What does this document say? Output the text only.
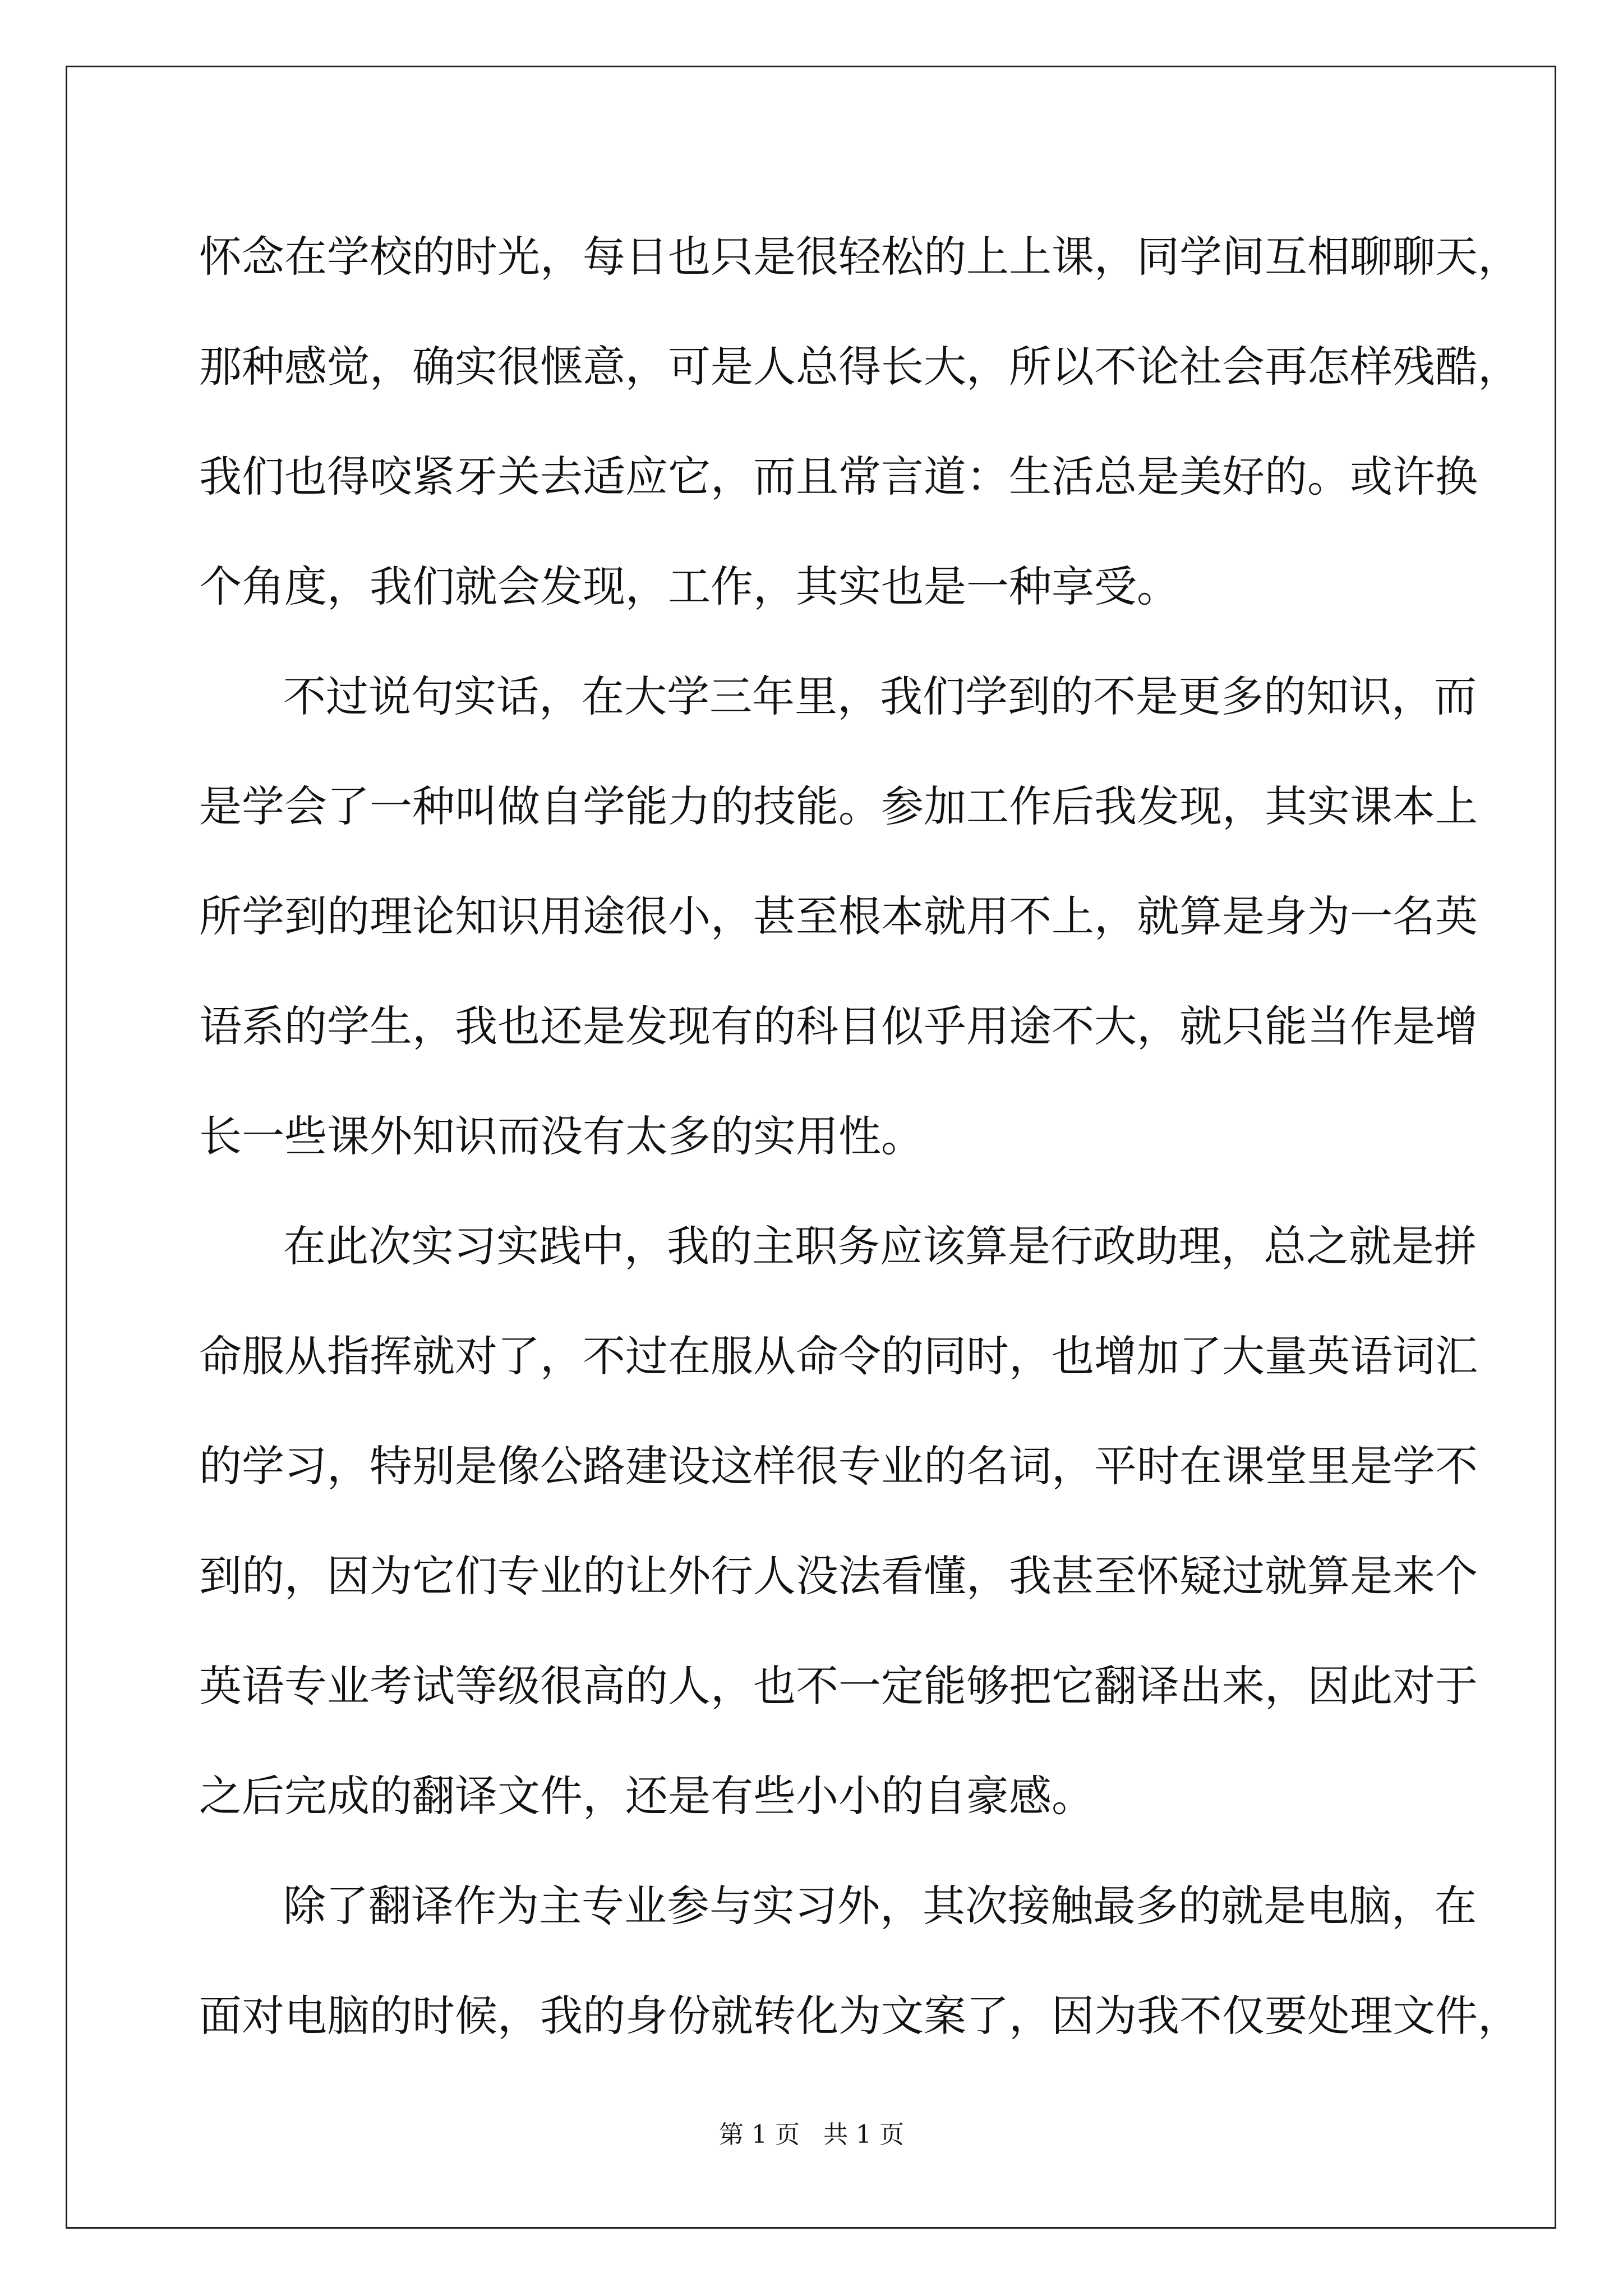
怀念在学校的时光，每日也只是很轻松的上上课，同学间互相聊聊天，
那种感觉，确实很惬意，可是人总得长大，所以不论社会再怎样残酷，
我们也得咬紧牙关去适应它，而且常言道：生活总是美好的。或许换
个角度，我们就会发现，工作，其实也是一种享受。
不过说句实话，在大学三年里，我们学到的不是更多的知识，而
是学会了一种叫做自学能力的技能。参加工作后我发现，其实课本上
所学到的理论知识用途很小，甚至根本就用不上，就算是身为一名英
语系的学生，我也还是发现有的科目似乎用途不大，就只能当作是增
长一些课外知识而没有太多的实用性。
在此次实习实践中，我的主职务应该算是行政助理，总之就是拼
命服从指挥就对了，不过在服从命令的同时，也增加了大量英语词汇
的学习，特别是像公路建设这样很专业的名词，平时在课堂里是学不
到的，因为它们专业的让外行人没法看懂，我甚至怀疑过就算是来个
英语专业考试等级很高的人，也不一定能够把它翻译出来，因此对于
之后完成的翻译文件，还是有些小小的自豪感。
除了翻译作为主专业参与实习外，其次接触最多的就是电脑，在
面对电脑的时候，我的身份就转化为文案了，因为我不仅要处理文件，
第 1 页   共 1 页
